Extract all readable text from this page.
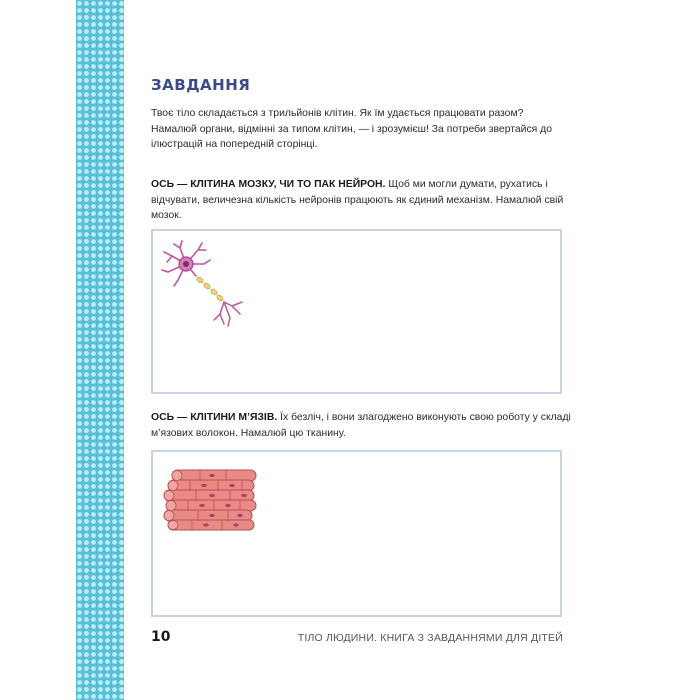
ЗАВДАННЯ

Твоє тіло складається з трильйонів клітин. Як їм удається працювати разом? Намалюй органи, відмінні за типом клітин, — і зрозумієш! За потреби звертайся до ілюстрацій на попередній сторінці.

ОСЬ — КЛІТИНА МОЗКУ, ЧИ ТО ПАК НЕЙРОН. Щоб ми могли думати, рухатись і відчувати, величезна кількість нейронів працюють як єдиний механізм. Намалюй свій мозок.

ОСЬ — КЛІТИНИ М’ЯЗІВ. Їх безліч, і вони злагоджено виконують свою роботу у складі м’язових волокон. Намалюй цю тканину.

10	ТІЛО ЛЮДИНИ. КНИГА З ЗАВДАННЯМИ ДЛЯ ДІТЕЙ
